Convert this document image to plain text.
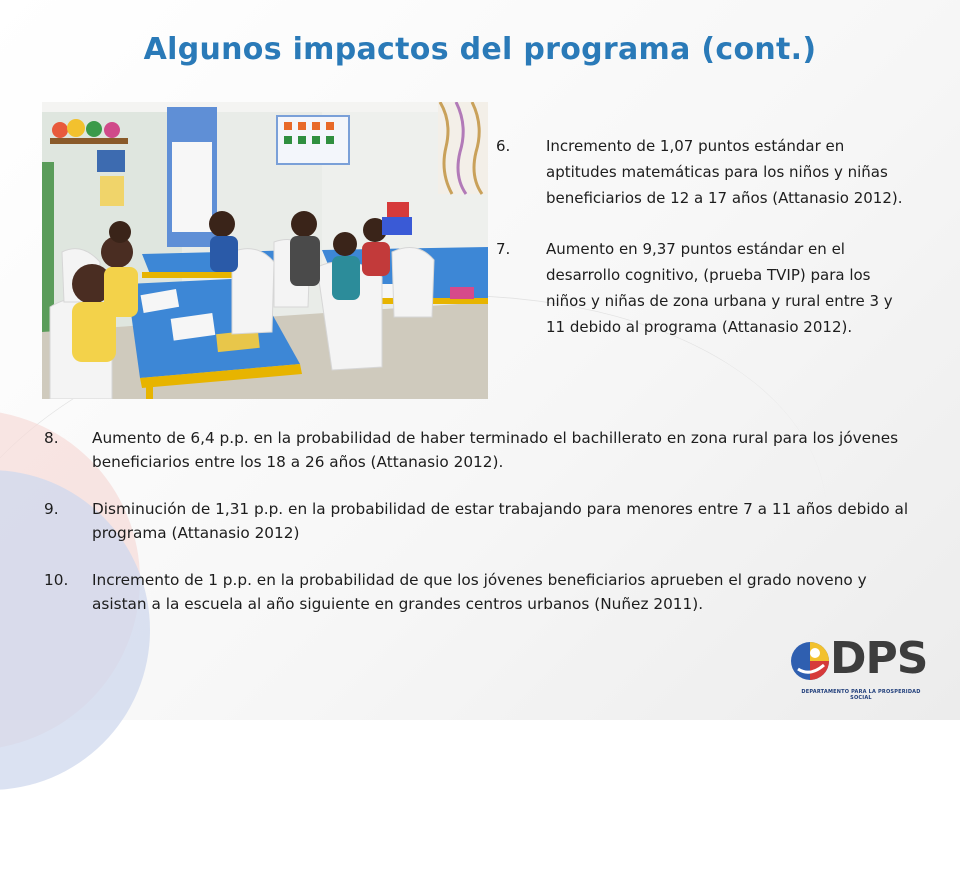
Algunos impactos del programa (cont.)
6. Incremento de 1,07 puntos estándar en aptitudes matemáticas para los niños y niñas beneficiarios de 12 a 17 años (Attanasio 2012).
7. Aumento en 9,37 puntos estándar en el desarrollo cognitivo, (prueba TVIP) para los niños y niñas de zona urbana y rural entre 3 y 11 debido al programa (Attanasio 2012).
8. Aumento de 6,4 p.p. en la probabilidad de haber terminado el bachillerato en zona rural para los jóvenes beneficiarios entre los 18 a 26 años (Attanasio 2012).
9. Disminución de 1,31 p.p. en la probabilidad de estar trabajando para menores entre 7 a 11 años debido al programa (Attanasio 2012)
10. Incremento de 1 p.p. en la probabilidad de que los jóvenes beneficiarios aprueben el grado noveno y asistan a la escuela al año siguiente en grandes centros urbanos (Nuñez 2011).
DPS
DEPARTAMENTO PARA LA PROSPERIDAD SOCIAL
